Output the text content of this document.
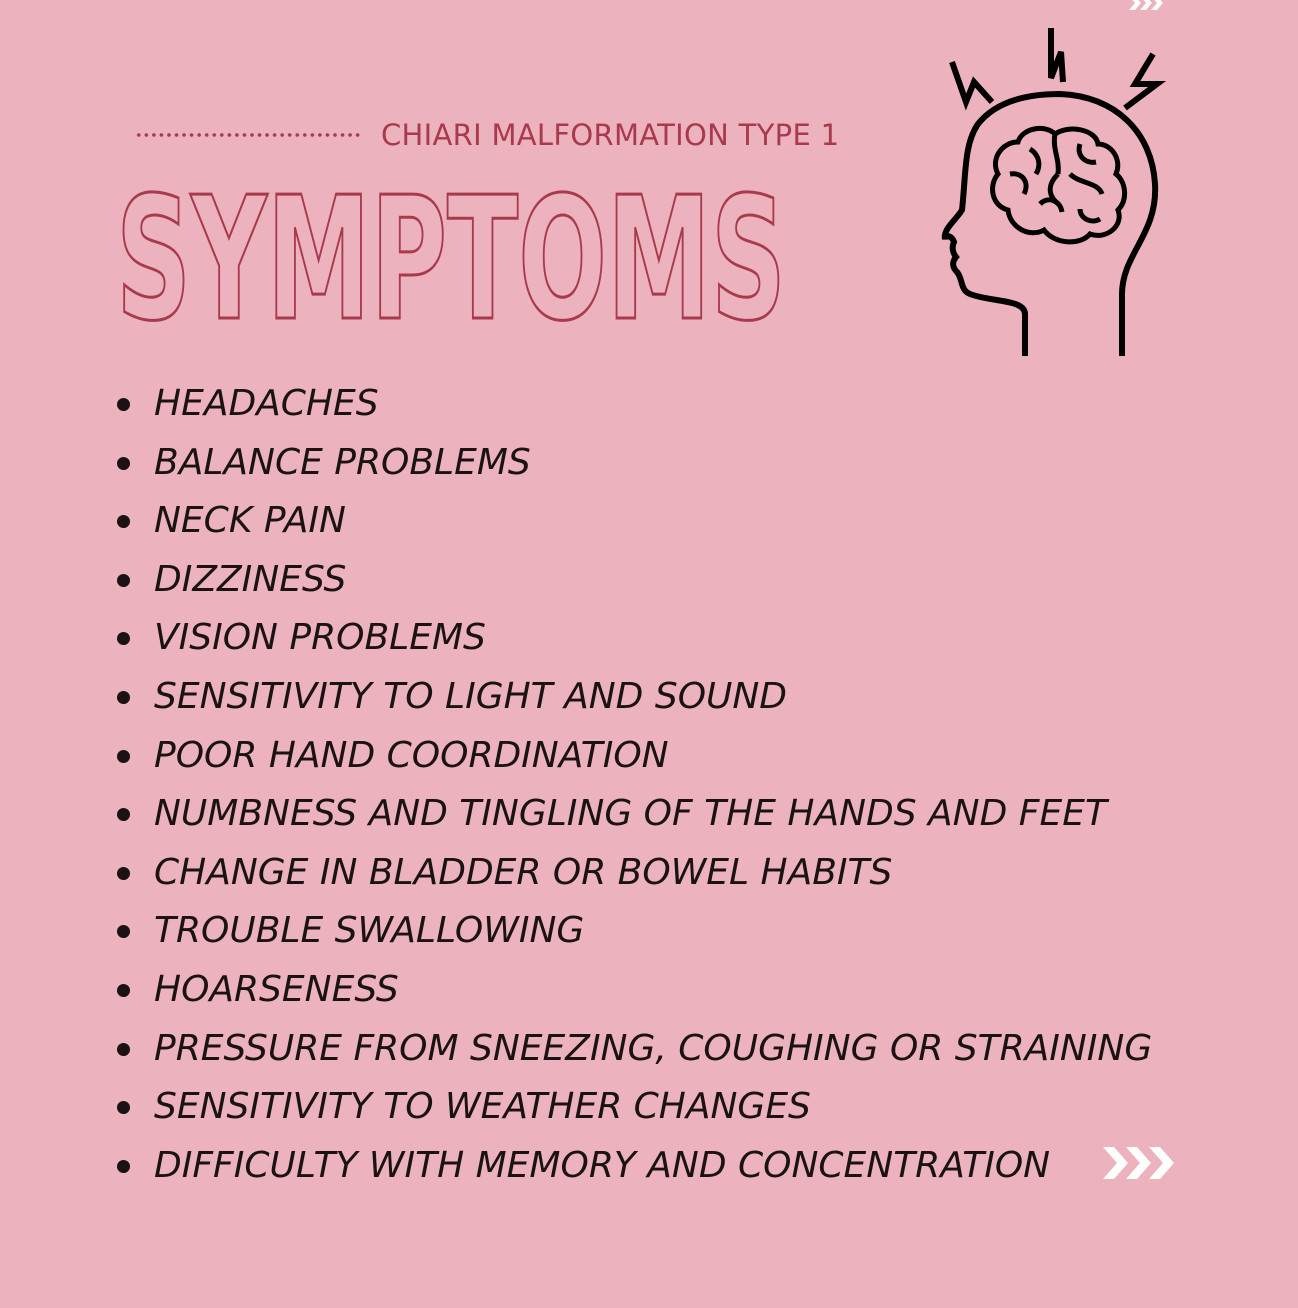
CHIARI MALFORMATION TYPE 1
SYMPTOMS
HEADACHES
BALANCE PROBLEMS
NECK PAIN
DIZZINESS
VISION PROBLEMS
SENSITIVITY TO LIGHT AND SOUND
POOR HAND COORDINATION
NUMBNESS AND TINGLING OF THE HANDS AND FEET
CHANGE IN BLADDER OR BOWEL HABITS
TROUBLE SWALLOWING
HOARSENESS
PRESSURE FROM SNEEZING, COUGHING OR STRAINING
SENSITIVITY TO WEATHER CHANGES
DIFFICULTY WITH MEMORY AND CONCENTRATION
